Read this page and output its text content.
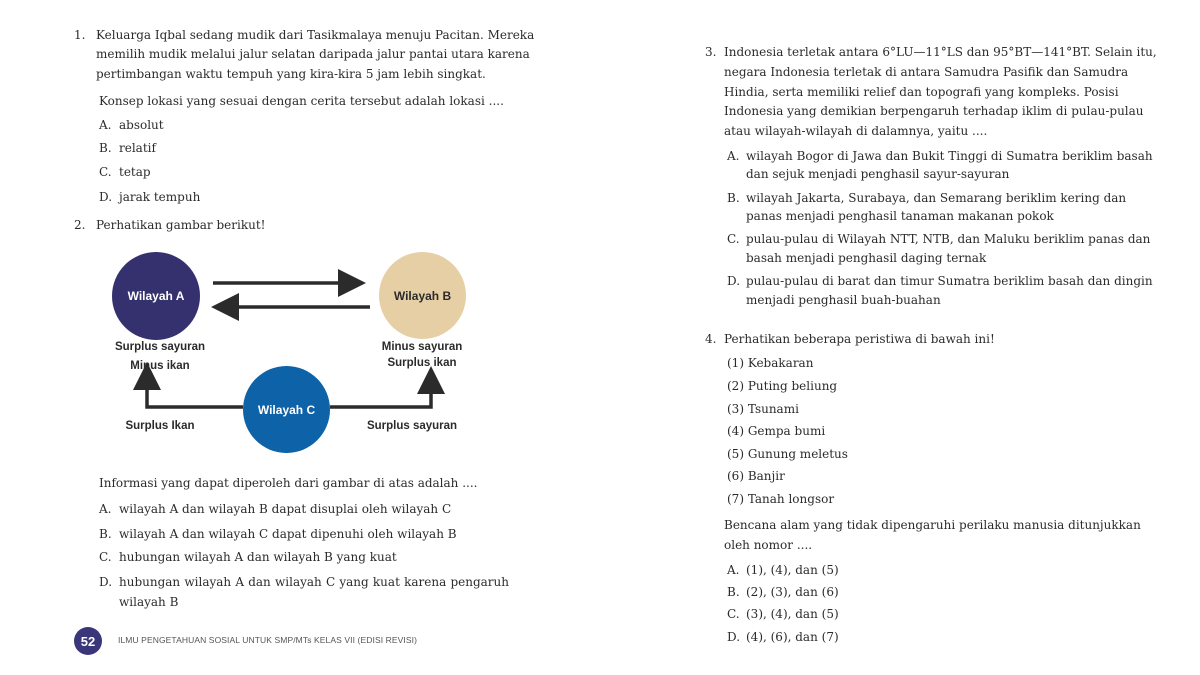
1. Keluarga Iqbal sedang mudik dari Tasikmalaya menuju Pacitan. Mereka
memilih mudik melalui jalur selatan daripada jalur pantai utara karena
pertimbangan waktu tempuh yang kira-kira 5 jam lebih singkat.
Konsep lokasi yang sesuai dengan cerita tersebut adalah lokasi ....
A. absolut
B. relatif
C. tetap
D. jarak tempuh
2. Perhatikan gambar berikut!
Wilayah A	Wilayah B
Wilayah C
Surplus sayuran
Minus ikan
Minus sayuran
Surplus ikan
Surplus Ikan	Surplus sayuran
Informasi yang dapat diperoleh dari gambar di atas adalah ....
A. wilayah A dan wilayah B dapat disuplai oleh wilayah C
B. wilayah A dan wilayah C dapat dipenuhi oleh wilayah B
C. hubungan wilayah A dan wilayah B yang kuat
D. hubungan wilayah A dan wilayah C yang kuat karena pengaruh
wilayah B
52	ILMU PENGETAHUAN SOSIAL UNTUK SMP/MTs KELAS VII (EDISI REVISI)
3. Indonesia terletak antara 6°LU—11°LS dan 95°BT—141°BT. Selain itu,
negara Indonesia terletak di antara Samudra Pasifik dan Samudra
Hindia, serta memiliki relief dan topografi yang kompleks. Posisi
Indonesia yang demikian berpengaruh terhadap iklim di pulau-pulau
atau wilayah-wilayah di dalamnya, yaitu ....
A. wilayah Bogor di Jawa dan Bukit Tinggi di Sumatra beriklim basah
dan sejuk menjadi penghasil sayur-sayuran
B. wilayah Jakarta, Surabaya, dan Semarang beriklim kering dan
panas menjadi penghasil tanaman makanan pokok
C. pulau-pulau di Wilayah NTT, NTB, dan Maluku beriklim panas dan
basah menjadi penghasil daging ternak
D. pulau-pulau di barat dan timur Sumatra beriklim basah dan dingin
menjadi penghasil buah-buahan
4. Perhatikan beberapa peristiwa di bawah ini!
(1) Kebakaran
(2) Puting beliung
(3) Tsunami
(4) Gempa bumi
(5) Gunung meletus
(6) Banjir
(7) Tanah longsor
Bencana alam yang tidak dipengaruhi perilaku manusia ditunjukkan
oleh nomor ....
A. (1), (4), dan (5)
B. (2), (3), dan (6)
C. (3), (4), dan (5)
D. (4), (6), dan (7)
